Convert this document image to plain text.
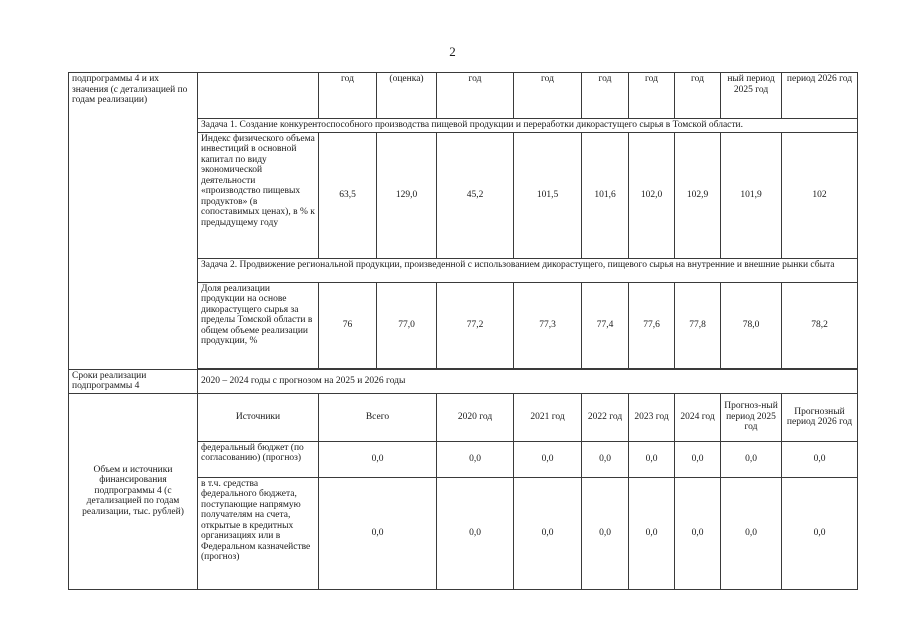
2
подпрограммы 4 и их значения (с детализацией по годам реализации)		год	(оценка)	год	год	год	год	год	ный период 2025 год	период 2026 год
	Задача 1. Создание конкурентоспособного производства пищевой продукции и переработки дикорастущего сырья в Томской области.									
	Индекс физического объема инвестиций в основной капитал по виду экономической деятельности «производство пищевых продуктов» (в сопоставимых ценах), в % к предыдущему году	63,5	129,0	45,2	101,5	101,6	102,0	102,9	101,9	102
	Задача 2. Продвижение региональной продукции, произведенной с использованием дикорастущего, пищевого сырья на внутренние и внешние рынки сбыта									
	Доля реализации продукции на основе дикорастущего сырья за пределы Томской области в общем объеме реализации продукции, %	76	77,0	77,2	77,3	77,4	77,6	77,8	78,0	78,2

Сроки реализации подпрограммы 4	2020 – 2024 годы с прогнозом на 2025 и 2026 годы									
Объем и источники финансирования подпрограммы 4 (с детализацией по годам реализации, тыс. рублей)	Источники	Всего		2020 год	2021 год	2022 год	2023 год	2024 год	Прогноз-ный период 2025 год	Прогнозный период 2026 год
	федеральный бюджет (по согласованию) (прогноз)	0,0		0,0	0,0	0,0	0,0	0,0	0,0	0,0
	в т.ч. средства федерального бюджета, поступающие напрямую получателям на счета, открытые в кредитных организациях или в Федеральном казначействе (прогноз)	0,0		0,0	0,0	0,0	0,0	0,0	0,0	0,0
